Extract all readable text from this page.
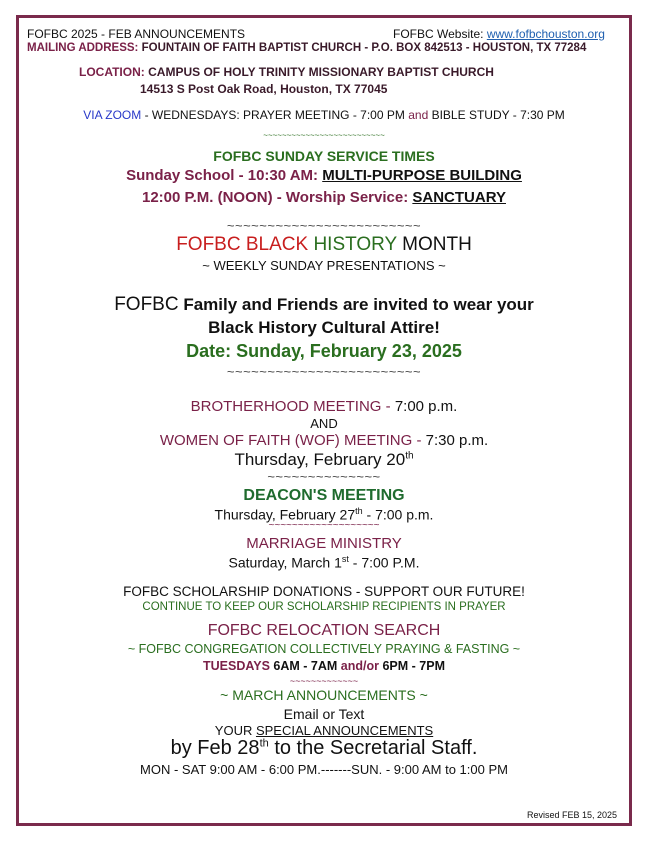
FOFBC 2025 - FEB ANNOUNCEMENTS	FOFBC Website: www.fofbchouston.org
MAILING ADDRESS: FOUNTAIN OF FAITH BAPTIST CHURCH - P.O. BOX 842513 - HOUSTON, TX 77284
LOCATION: CAMPUS OF HOLY TRINITY MISSIONARY BAPTIST CHURCH
14513 S Post Oak Road, Houston, TX 77045
VIA ZOOM - WEDNESDAYS: PRAYER MEETING - 7:00 PM and BIBLE STUDY - 7:30 PM
~~~~~~~~~~~~~~~~~~~~~~~~~~
FOFBC SUNDAY SERVICE TIMES
Sunday School - 10:30 AM: MULTI-PURPOSE BUILDING
12:00 P.M. (NOON) - Worship Service: SANCTUARY
~~~~~~~~~~~~~~~~~~~~~~~~
FOFBC BLACK HISTORY MONTH
~ WEEKLY SUNDAY PRESENTATIONS ~
FOFBC Family and Friends are invited to wear your
Black History Cultural Attire!
Date: Sunday, February 23, 2025
~~~~~~~~~~~~~~~~~~~~~~~~
BROTHERHOOD MEETING - 7:00 p.m.
AND
WOMEN OF FAITH (WOF) MEETING - 7:30 p.m.
Thursday, February 20th
~~~~~~~~~~~~~~
DEACON'S MEETING
Thursday, February 27th - 7:00 p.m.
~~~~~~~~~~~~~~~~~~~
MARRIAGE MINISTRY
Saturday, March 1st - 7:00 P.M.
FOFBC SCHOLARSHIP DONATIONS - SUPPORT OUR FUTURE!
CONTINUE TO KEEP OUR SCHOLARSHIP RECIPIENTS IN PRAYER
FOFBC RELOCATION SEARCH
~ FOFBC CONGREGATION COLLECTIVELY PRAYING & FASTING ~
TUESDAYS 6AM - 7AM and/or 6PM - 7PM
~~~~~~~~~~~~~
~ MARCH ANNOUNCEMENTS ~
Email or Text
YOUR SPECIAL ANNOUNCEMENTS
by Feb 28th to the Secretarial Staff.
MON - SAT 9:00 AM - 6:00 PM.-------SUN. - 9:00 AM to 1:00 PM
Revised FEB 15, 2025
